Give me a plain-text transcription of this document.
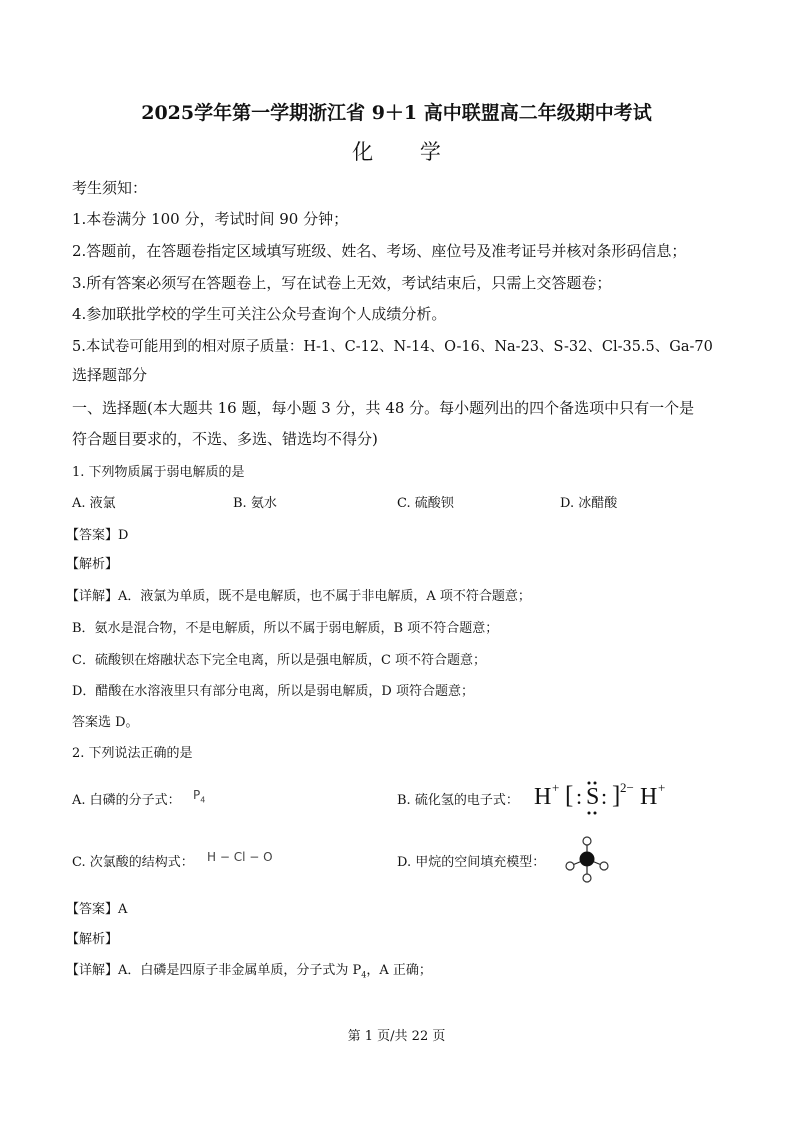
2025学年第一学期浙江省 9＋1 高中联盟高二年级期中考试
化 学
考生须知：
1.本卷满分 100 分，考试时间 90 分钟；
2.答题前，在答题卷指定区域填写班级、姓名、考场、座位号及准考证号并核对条形码信息；
3.所有答案必须写在答题卷上，写在试卷上无效，考试结束后，只需上交答题卷；
4.参加联批学校的学生可关注公众号查询个人成绩分析。
5.本试卷可能用到的相对原子质量：H-1、C-12、N-14、O-16、Na-23、S-32、Cl-35.5、Ga-70
选择题部分
一、选择题(本大题共 16 题，每小题 3 分，共 48 分。每小题列出的四个备选项中只有一个是
符合题目要求的，不选、多选、错选均不得分)
1. 下列物质属于弱电解质的是
A. 液氯	B. 氨水	C. 硫酸钡	D. 冰醋酸
【答案】D
【解析】
【详解】A．液氯为单质，既不是电解质，也不属于非电解质，A 项不符合题意；
B．氨水是混合物，不是电解质，所以不属于弱电解质，B 项不符合题意；
C．硫酸钡在熔融状态下完全电离，所以是强电解质，C 项不符合题意；
D．醋酸在水溶液里只有部分电离，所以是弱电解质，D 项符合题意；
答案选 D。
2. 下列说法正确的是
A. 白磷的分子式： $P_4$	B. 硫化氢的电子式： H + [ : S : ] 2− H +
C. 次氯酸的结构式： H − Cl − O	D. 甲烷的空间填充模型：
【答案】A
【解析】
【详解】A．白磷是四原子非金属单质，分子式为 $P_4$，A 正确；
第 1 页/共 22 页
